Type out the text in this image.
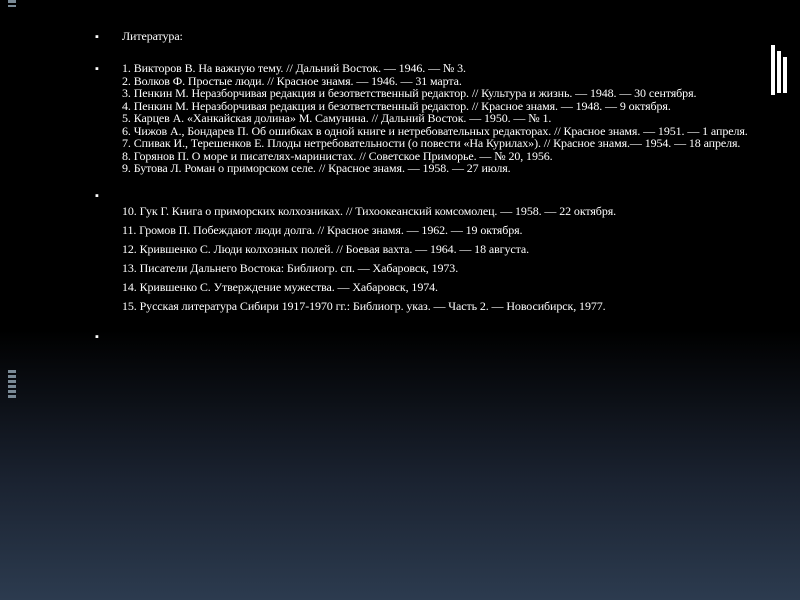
▪ Литература:
▪ 1. Викторов В. На важную тему. // Дальний Восток. — 1946. — № 3.

2. Волков Ф. Простые люди. // Красное знамя. — 1946. — 31 марта.

3. Пенкин М. Неразборчивая редакция и безответственный редактор. // Культура и жизнь. — 1948. — 30 сентября.

4. Пенкин М. Неразборчивая редакция и безответственный редактор. // Красное знамя. — 1948. — 9 октября.

5. Карцев А. «Ханкайская долина» М. Самунина. // Дальний Восток. — 1950. — № 1.

6. Чижов А., Бондарев П. Об ошибках в одной книге и нетребовательных редакторах. // Красное знамя. — 1951. — 1 апреля.

7. Спивак И., Терешенков Е. Плоды нетребовательности (о повести «На Курилах»). // Красное знамя.— 1954. — 18 апреля.

8. Горянов П. О море и писателях-маринистах. // Советское Приморье. — № 20, 1956.

9. Бутова Л. Роман о приморском селе. // Красное знамя. — 1958. — 27 июля.

▪

10. Гук Г. Книга о приморских колхозниках. // Тихоокеанский комсомолец. — 1958. — 22 октября.

11. Громов П. Побеждают люди долга. // Красное знамя. — 1962. — 19 октября.

12. Крившенко С. Люди колхозных полей. // Боевая вахта. — 1964. — 18 августа.

13. Писатели Дальнего Востока: Библиогр. сп. — Хабаровск, 1973.

14. Крившенко С. Утверждение мужества. — Хабаровск, 1974.

15. Русская литература Сибири 1917-1970 гг.: Библиогр. указ. — Часть 2. — Новосибирск, 1977.

▪
